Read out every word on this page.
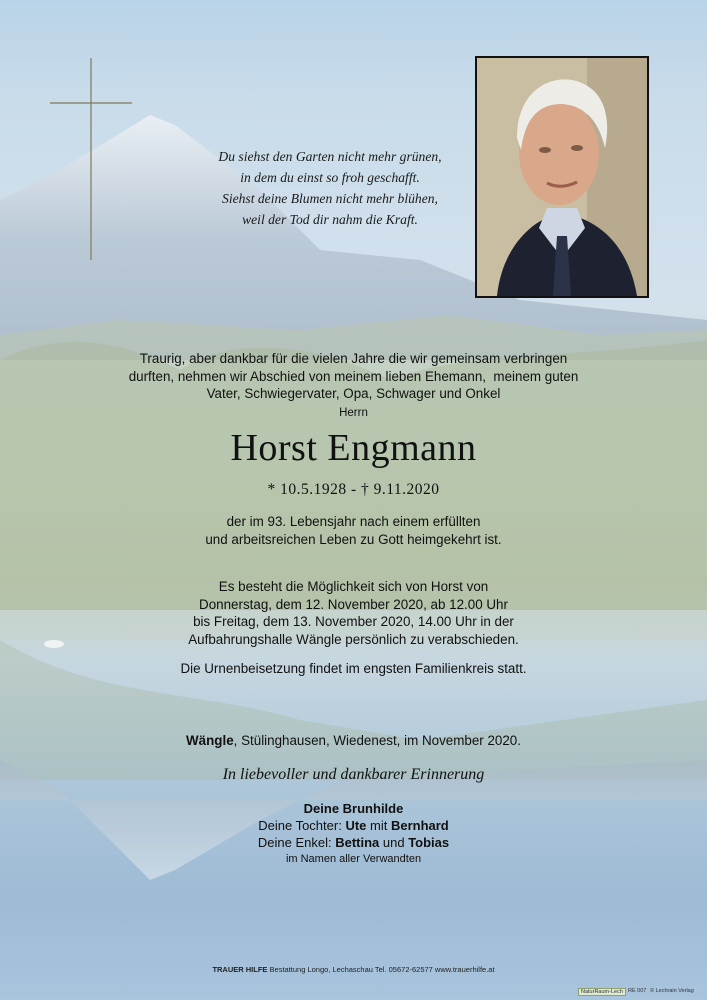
Du siehst den Garten nicht mehr grünen,
in dem du einst so froh geschafft.
Siehst deine Blumen nicht mehr blühen,
weil der Tod dir nahm die Kraft.
Traurig, aber dankbar für die vielen Jahre die wir gemeinsam verbringen
durften, nehmen wir Abschied von meinem lieben Ehemann,  meinem guten
Vater, Schwiegervater, Opa, Schwager und Onkel
Herrn
Horst Engmann
* 10.5.1928 - † 9.11.2020
der im 93. Lebensjahr nach einem erfüllten
und arbeitsreichen Leben zu Gott heimgekehrt ist.
Es besteht die Möglichkeit sich von Horst von
Donnerstag, dem 12. November 2020, ab 12.00 Uhr
bis Freitag, dem 13. November 2020, 14.00 Uhr in der
Aufbahrungshalle Wängle persönlich zu verabschieden.
Die Urnenbeisetzung findet im engsten Familienkreis statt.
Wängle, Stülinghausen, Wiedenest, im November 2020.
In liebevoller und dankbarer Erinnerung
Deine Brunhilde
Deine Tochter: Ute mit Bernhard
Deine Enkel: Bettina und Tobias
im Namen aller Verwandten
TRAUER HILFE Bestattung Longo, Lechaschau Tel. 05672-62577 www.trauerhilfe.at
NaturRaum-Lech RE 007 © Lechrain Verlag
